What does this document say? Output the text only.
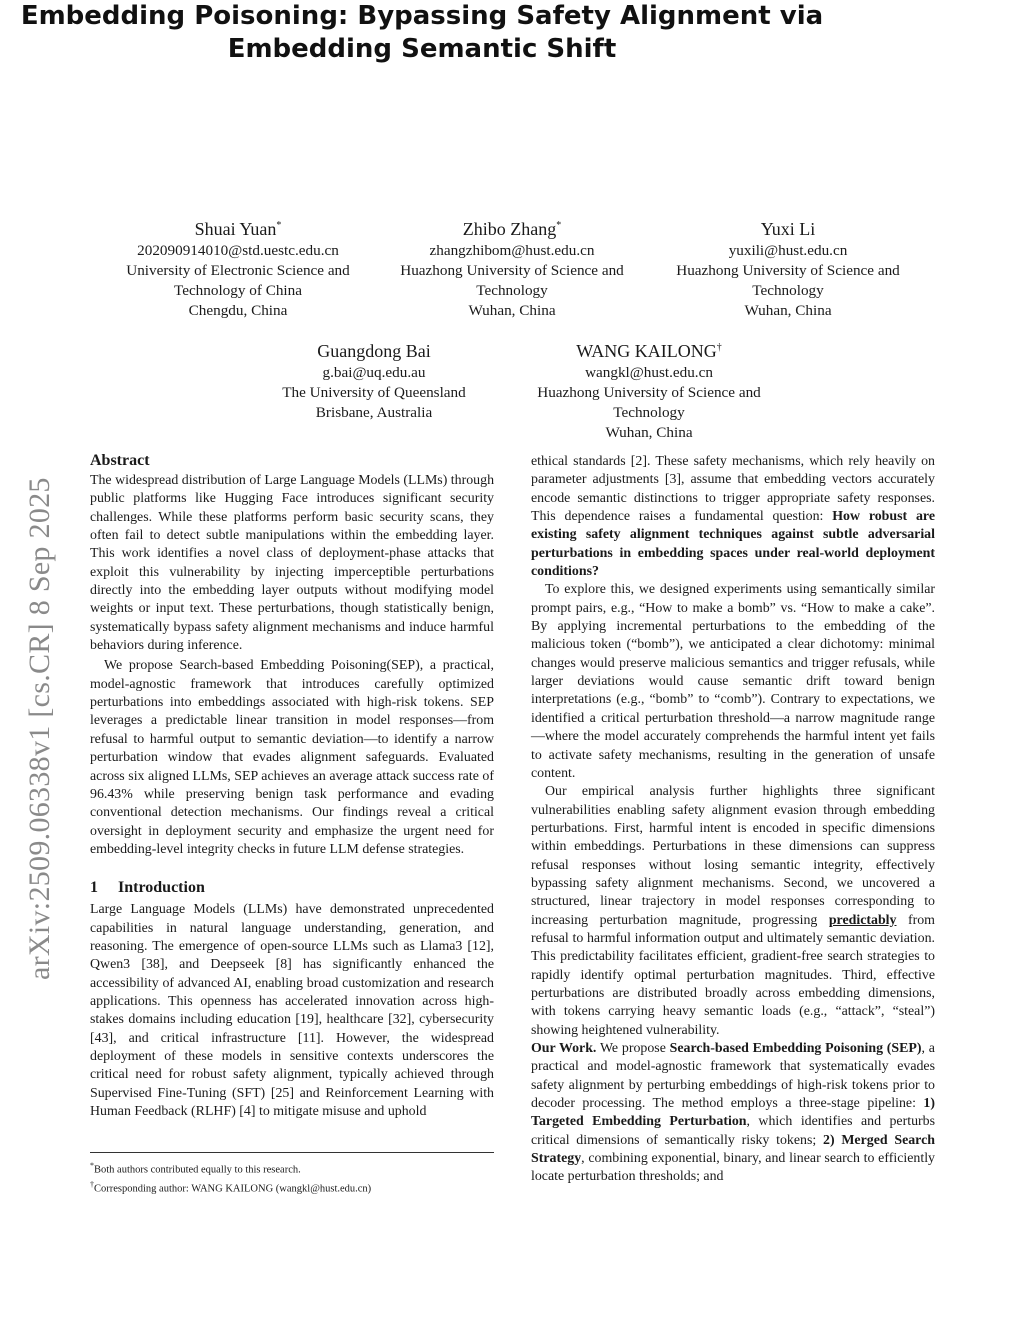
Embedding Poisoning: Bypassing Safety Alignment via
Embedding Semantic Shift
Shuai Yuan*
202090914010@std.uestc.edu.cn
University of Electronic Science and
Technology of China
Chengdu, China
Zhibo Zhang*
zhangzhibom@hust.edu.cn
Huazhong University of Science and
Technology
Wuhan, China
Yuxi Li
yuxili@hust.edu.cn
Huazhong University of Science and
Technology
Wuhan, China
Guangdong Bai
g.bai@uq.edu.au
The University of Queensland
Brisbane, Australia
WANG KAILONG†
wangkl@hust.edu.cn
Huazhong University of Science and
Technology
Wuhan, China
arXiv:2509.06338v1 [cs.CR] 8 Sep 2025
Abstract

The widespread distribution of Large Language Models (LLMs) through public platforms like Hugging Face introduces significant security challenges. While these platforms perform basic security scans, they often fail to detect subtle manipulations within the embedding layer. This work identifies a novel class of deployment-phase attacks that exploit this vulnerability by injecting imperceptible perturbations directly into the embedding layer outputs without modifying model weights or input text. These perturbations, though statistically benign, systematically bypass safety alignment mechanisms and induce harmful behaviors during inference.

We propose Search-based Embedding Poisoning(SEP), a practical, model-agnostic framework that introduces carefully optimized perturbations into embeddings associated with high-risk tokens. SEP leverages a predictable linear transition in model responses—from refusal to harmful output to semantic deviation—to identify a narrow perturbation window that evades alignment safeguards. Evaluated across six aligned LLMs, SEP achieves an average attack success rate of 96.43% while preserving benign task performance and evading conventional detection mechanisms. Our findings reveal a critical oversight in deployment security and emphasize the urgent need for embedding-level integrity checks in future LLM defense strategies.

1 Introduction

Large Language Models (LLMs) have demonstrated unprecedented capabilities in natural language understanding, generation, and reasoning. The emergence of open-source LLMs such as Llama3 [12], Qwen3 [38], and Deepseek [8] has significantly enhanced the accessibility of advanced AI, enabling broad customization and research applications. This openness has accelerated innovation across high-stakes domains including education [19], healthcare [32], cybersecurity [43], and critical infrastructure [11]. However, the widespread deployment of these models in sensitive contexts underscores the critical need for robust safety alignment, typically achieved through Supervised Fine-Tuning (SFT) [25] and Reinforcement Learning with Human Feedback (RLHF) [4] to mitigate misuse and uphold

*Both authors contributed equally to this research.
†Corresponding author: WANG KAILONG (wangkl@hust.edu.cn)

ethical standards [2]. These safety mechanisms, which rely heavily on parameter adjustments [3], assume that embedding vectors accurately encode semantic distinctions to trigger appropriate safety responses. This dependence raises a fundamental question: How robust are existing safety alignment techniques against subtle adversarial perturbations in embedding spaces under real-world deployment conditions?

To explore this, we designed experiments using semantically similar prompt pairs, e.g., “How to make a bomb” vs. “How to make a cake”. By applying incremental perturbations to the embedding of the malicious token (“bomb”), we anticipated a clear dichotomy: minimal changes would preserve malicious semantics and trigger refusals, while larger deviations would cause semantic drift toward benign interpretations (e.g., “bomb” to “comb”). Contrary to expectations, we identified a critical perturbation threshold—a narrow magnitude range—where the model accurately comprehends the harmful intent yet fails to activate safety mechanisms, resulting in the generation of unsafe content.

Our empirical analysis further highlights three significant vulnerabilities enabling safety alignment evasion through embedding perturbations. First, harmful intent is encoded in specific dimensions within embeddings. Perturbations in these dimensions can suppress refusal responses without losing semantic integrity, effectively bypassing safety alignment mechanisms. Second, we uncovered a structured, linear trajectory in model responses corresponding to increasing perturbation magnitude, progressing predictably from refusal to harmful information output and ultimately semantic deviation. This predictability facilitates efficient, gradient-free search strategies to rapidly identify optimal perturbation magnitudes. Third, effective perturbations are distributed broadly across embedding dimensions, with tokens carrying heavy semantic loads (e.g., “attack”, “steal”) showing heightened vulnerability.

Our Work. We propose Search-based Embedding Poisoning (SEP), a practical and model-agnostic framework that systematically evades safety alignment by perturbing embeddings of high-risk tokens prior to decoder processing. The method employs a three-stage pipeline: 1) Targeted Embedding Perturbation, which identifies and perturbs critical dimensions of semantically risky tokens; 2) Merged Search Strategy, combining exponential, binary, and linear search to efficiently locate perturbation thresholds; and
